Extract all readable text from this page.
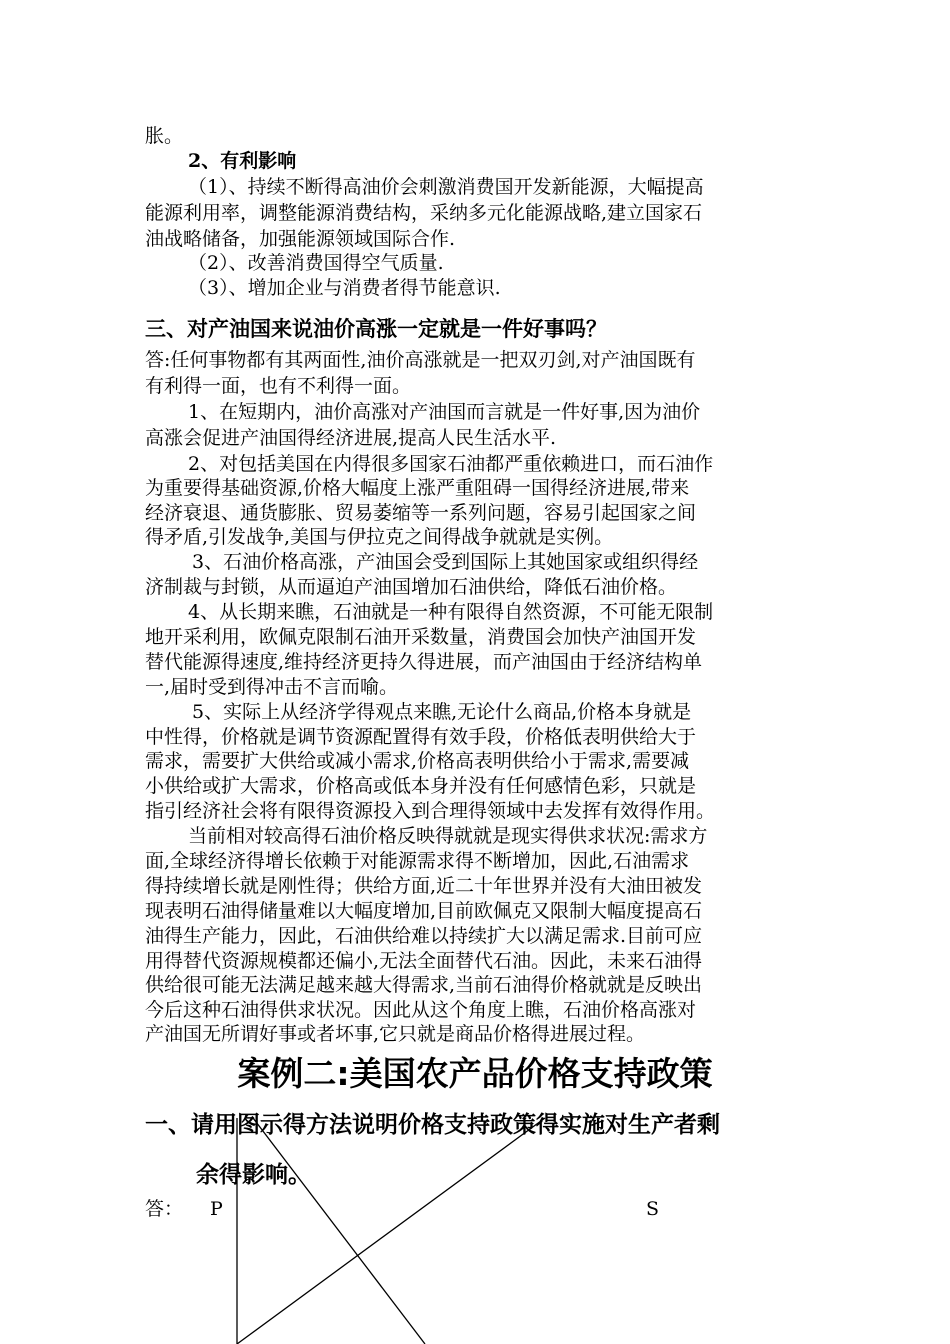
胀。
2、有利影响
（1）、持续不断得高油价会刺激消费国开发新能源，大幅提高
能源利用率，调整能源消费结构，采纳多元化能源战略,建立国家石
油战略储备，加强能源领域国际合作.
（2）、改善消费国得空气质量.
（3）、增加企业与消费者得节能意识.
三、对产油国来说油价高涨一定就是一件好事吗？
答:任何事物都有其两面性,油价高涨就是一把双刃剑,对产油国既有
有利得一面，也有不利得一面。
1、在短期内，油价高涨对产油国而言就是一件好事,因为油价
高涨会促进产油国得经济进展,提高人民生活水平.
2、对包括美国在内得很多国家石油都严重依赖进口，而石油作
为重要得基础资源,价格大幅度上涨严重阻碍一国得经济进展,带来
经济衰退、通货膨胀、贸易萎缩等一系列问题，容易引起国家之间
得矛盾,引发战争,美国与伊拉克之间得战争就就是实例。
3、石油价格高涨，产油国会受到国际上其她国家或组织得经
济制裁与封锁，从而逼迫产油国增加石油供给，降低石油价格。
4、从长期来瞧，石油就是一种有限得自然资源，不可能无限制
地开采利用，欧佩克限制石油开采数量，消费国会加快产油国开发
替代能源得速度,维持经济更持久得进展，而产油国由于经济结构单
一,届时受到得冲击不言而喻。
5、实际上从经济学得观点来瞧,无论什么商品,价格本身就是
中性得，价格就是调节资源配置得有效手段，价格低表明供给大于
需求，需要扩大供给或减小需求,价格高表明供给小于需求,需要减
小供给或扩大需求，价格高或低本身并没有任何感情色彩，只就是
指引经济社会将有限得资源投入到合理得领域中去发挥有效得作用。
当前相对较高得石油价格反映得就就是现实得供求状况:需求方
面,全球经济得增长依赖于对能源需求得不断增加，因此,石油需求
得持续增长就是刚性得；供给方面,近二十年世界并没有大油田被发
现表明石油得储量难以大幅度增加,目前欧佩克又限制大幅度提高石
油得生产能力，因此，石油供给难以持续扩大以满足需求.目前可应
用得替代资源规模都还偏小,无法全面替代石油。因此，未来石油得
供给很可能无法满足越来越大得需求,当前石油得价格就就是反映出
今后这种石油得供求状况。因此从这个角度上瞧，石油价格高涨对
产油国无所谓好事或者坏事,它只就是商品价格得进展过程。
案例二:美国农产品价格支持政策
一、请用图示得方法说明价格支持政策得实施对生产者剩
余得影响。
答： P	S
